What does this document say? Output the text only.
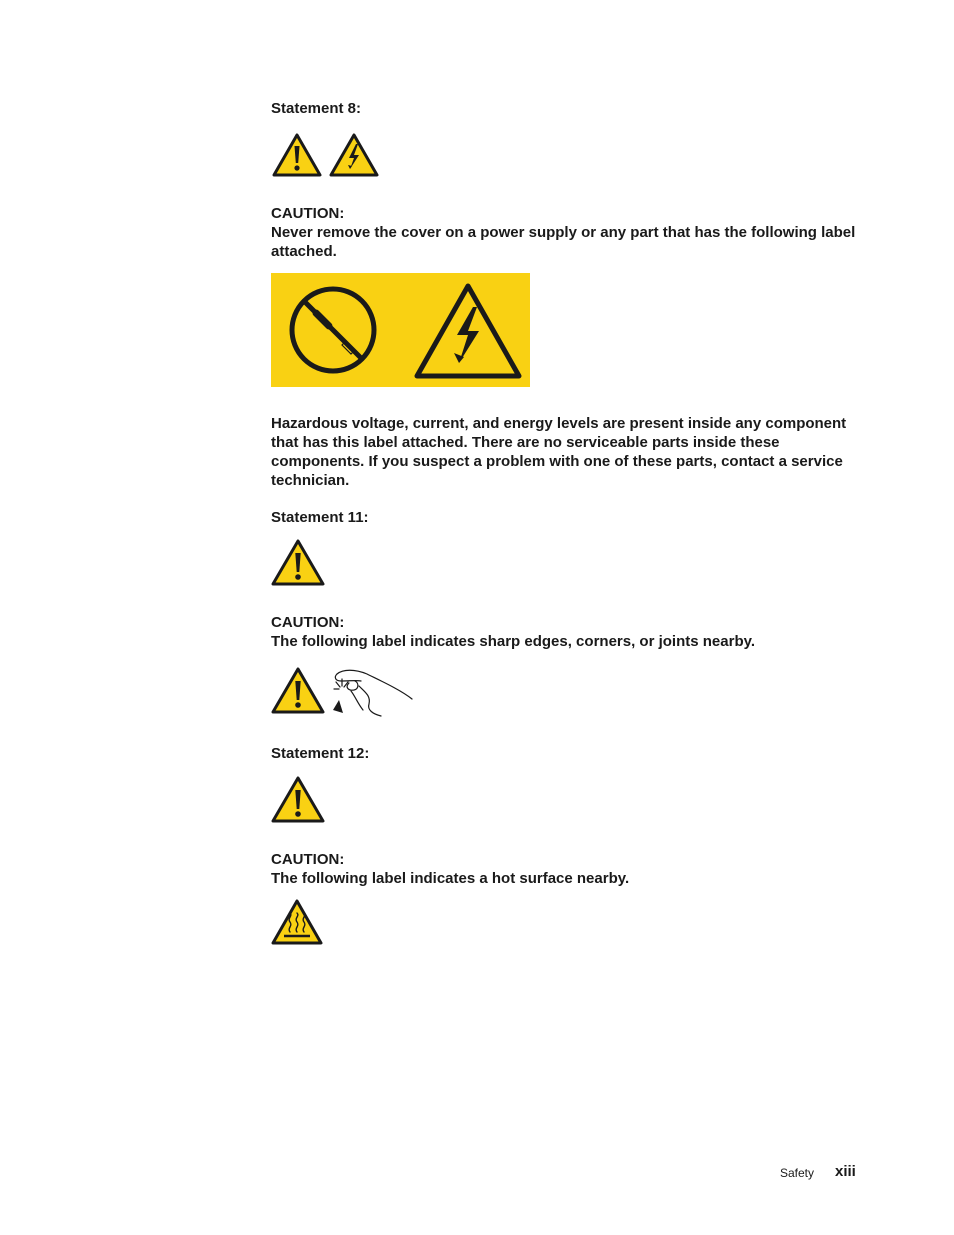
Statement 8:
CAUTION:
Never remove the cover on a power supply or any part that has the following label attached.
Hazardous voltage, current, and energy levels are present inside any component that has this label attached. There are no serviceable parts inside these components. If you suspect a problem with one of these parts, contact a service technician.
Statement 11:
CAUTION:
The following label indicates sharp edges, corners, or joints nearby.
Statement 12:
CAUTION:
The following label indicates a hot surface nearby.
Safety xiii
